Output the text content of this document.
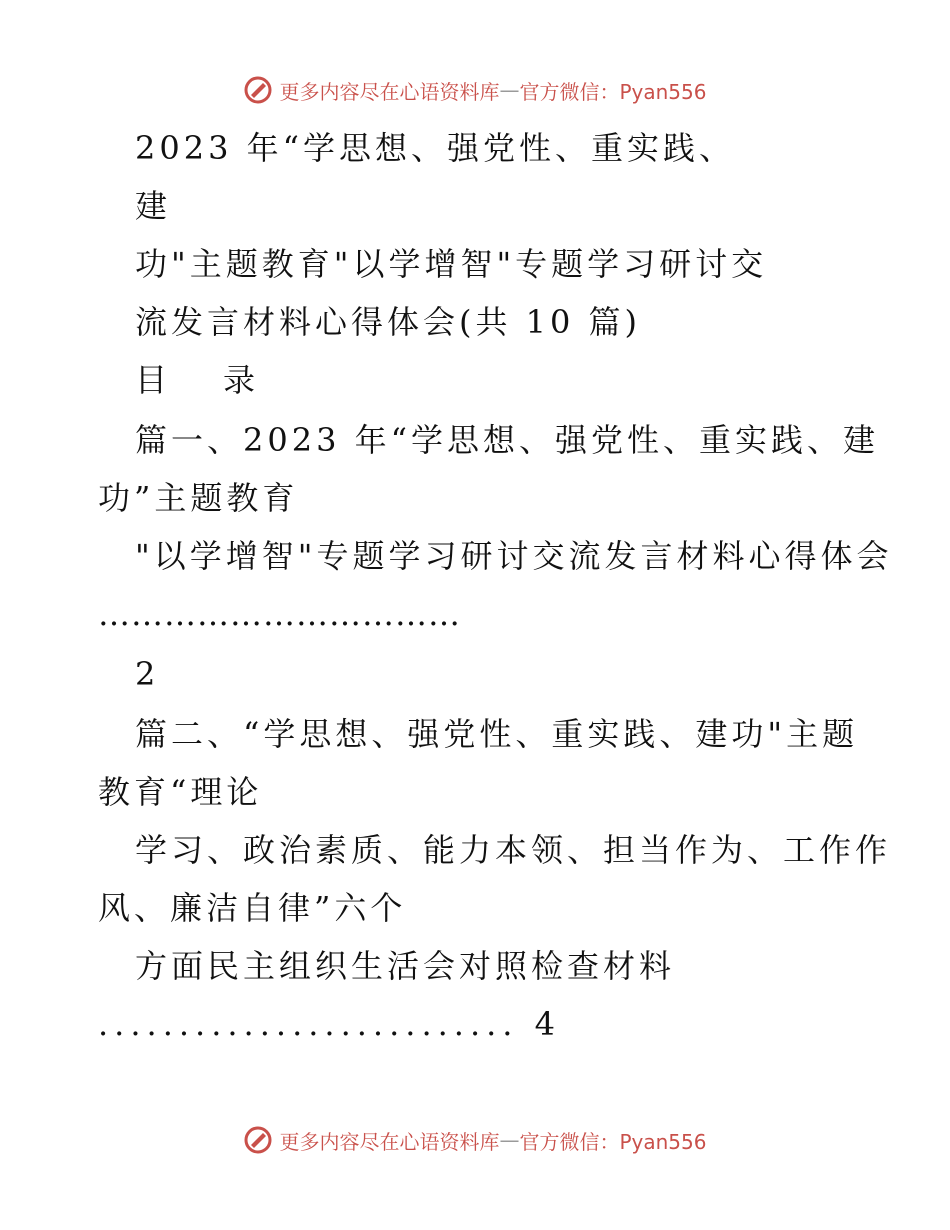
更多内容尽在心语资料库 — 官方微信：Pyan556
2023 年“学思想、强党性、重实践、
建
功"主题教育"以学增智"专题学习研讨交
流发言材料心得体会(共 10 篇)
目　录
篇一、2023 年“学思想、强党性、重实践、建
功”主题教育
"以学增智"专题学习研讨交流发言材料心得体会
……………………………
2
篇二、“学思想、强党性、重实践、建功"主题
教育“理论
学习、政治素质、能力本领、担当作为、工作作
风、廉洁自律”六个
方面民主组织生活会对照检查材料
.......................... 4
更多内容尽在心语资料库 — 官方微信：Pyan556
